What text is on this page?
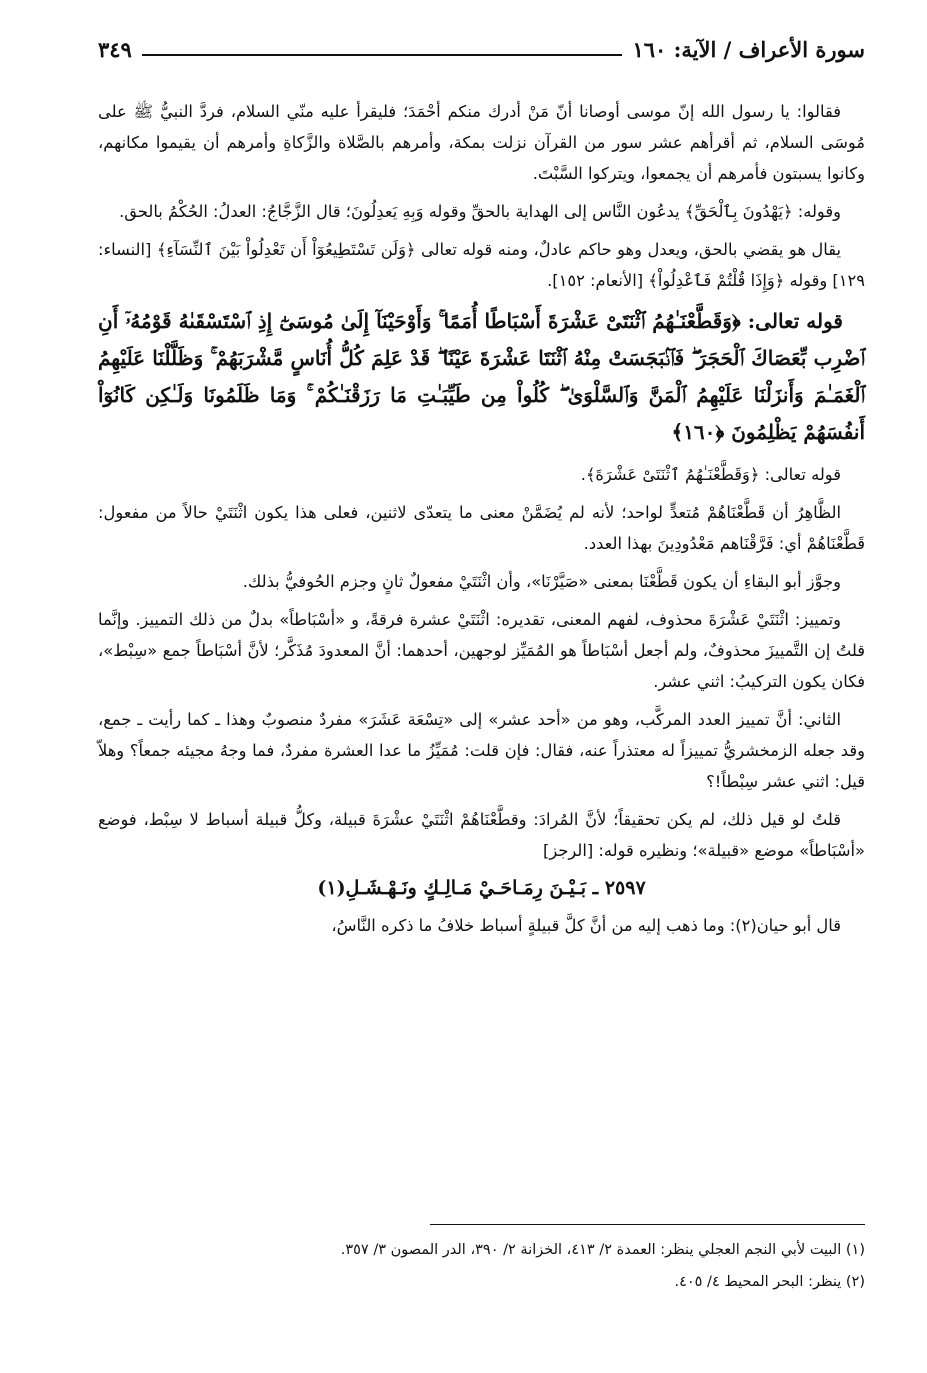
سورة الأعراف / الآية: ١٦٠
٣٤٩

فقالوا: يا رسول الله إنّ موسى أوصانا أنّ مَنْ أدرك منكم أحْمَدَ؛ فليقرأ عليه منّي السلام، فردَّ النبيُّ ﷺ على مُوسَى السلام، ثم أقرأهم عشر سور من القرآن نزلت بمكة، وأمرهم بالصَّلاة والزَّكاةِ وأمرهم أن يقيموا مكانهم، وكانوا يسبتون فأمرهم أن يجمعوا، ويتركوا السَّبْتَ.

وقوله: ﴿يَهْدُونَ بِٱلْحَقِّ﴾ يدعُون النَّاس إلى الهداية بالحقِّ وقوله وَبِهِ يَعدِلُونَ؛ قال الزَّجَّاجُ: العدلُ: الحُكْمُ بالحق.

يقال هو يقضي بالحق، ويعدل وهو حاكم عادلٌ، ومنه قوله تعالى ﴿وَلَن تَسْتَطِيعُوٓاْ أَن تَعْدِلُواْ بَيْنَ ٱلنِّسَآءِ﴾ [النساء: ١٢٩] وقوله ﴿وَإِذَا قُلْتُمْ فَٱعْدِلُواْ﴾ [الأنعام: ١٥٢].

قوله تعالى: ﴿وَقَطَّعْنَـٰهُمُ ٱثْنَتَىْ عَشْرَةَ أَسْبَاطًا أُمَمًا ۚ وَأَوْحَيْنَآ إِلَىٰ مُوسَىٰٓ إِذِ ٱسْتَسْقَىٰهُ قَوْمُهُۥٓ أَنِ ٱضْرِب بِّعَصَاكَ ٱلْحَجَرَ ۖ فَٱنۢبَجَسَتْ مِنْهُ ٱثْنَتَا عَشْرَةَ عَيْنًا ۖ قَدْ عَلِمَ كُلُّ أُنَاسٍ مَّشْرَبَهُمْ ۚ وَظَلَّلْنَا عَلَيْهِمُ ٱلْغَمَـٰمَ وَأَنزَلْنَا عَلَيْهِمُ ٱلْمَنَّ وَٱلسَّلْوَىٰ ۖ كُلُواْ مِن طَيِّبَـٰتِ مَا رَزَقْنَـٰكُمْ ۚ وَمَا ظَلَمُونَا وَلَـٰكِن كَانُوٓاْ أَنفُسَهُمْ يَظْلِمُونَ ﴿١٦٠﴾

قوله تعالى: ﴿وَقَطَّعْنَـٰهُمُ ٱثْنَتَىْ عَشْرَةَ﴾.

الظَّاهِرُ أن قَطَّعْنَاهُمْ مُتعدٍّ لواحد؛ لأنه لم يُضَمَّنْ معنى ما يتعدّى لاثنين، فعلى هذا يكون اثْنَتَيْ حالاً من مفعول: قَطَّعْنَاهُمْ أي: فَرَّقْنَاهم مَعْدُودِينَ بهذا العدد.

وجوَّز أبو البقاءِ أن يكون قَطَّعْنَا بمعنى «صَيَّرْنَا»، وأن اثْنَتَيْ مفعولٌ ثانٍ وجزم الحُوفيُّ بذلك.

وتمييز: اثْنَتَيْ عَشْرَةَ محذوف، لفهم المعنى، تقديره: اثْنَتَيْ عشرة فرقةً، و «أسْبَاطاً» بدلٌ من ذلك التمييز. وإنَّما قلتُ إن التَّمييزَ محذوفٌ، ولم أجعل أسْبَاطاً هو المُمَيِّز لوجهين، أحدهما: أنَّ المعدودَ مُذَكَّر؛ لأنَّ أسْبَاطاً جمع «سِبْط»، فكان يكون التركيبُ: اثني عشر.

الثاني: أنَّ تمييز العدد المركَّب، وهو من «أحد عشر» إلى «تِسْعَة عَشَرَ» مفردٌ منصوبٌ وهذا ـ كما رأيت ـ جمع، وقد جعله الزمخشريُّ تمييزاً له معتذراً عنه، فقال: فإن قلت: مُمَيِّزُ ما عدا العشرة مفردٌ، فما وجهُ مجيئه جمعاً؟ وهلاّ قيل: اثني عشر سِبْطاً!؟

قلتُ لو قيل ذلك، لم يكن تحقيقاً؛ لأنَّ المُرادَ: وقطَّعْنَاهُمْ اثْنَتَيْ عشْرَةَ قبيلة، وكلُّ قبيلة أسباط لا سِبْط، فوضع «أسْبَاطاً» موضع «قبيلة»؛ ونظيره قوله: [الرجز]

٢٥٩٧ ـ بَـيْـنَ رِمَـاحَـيْ مَـالِـكٍ ونَـهْـشَـلِ(١)

قال أبو حيان(٢): وما ذهب إليه من أنَّ كلَّ قبيلةٍ أسباط خلافُ ما ذكره النَّاسُ،

(١) البيت لأبي النجم العجلي ينظر: العمدة ٢/ ٤١٣، الخزانة ٢/ ٣٩٠، الدر المصون ٣/ ٣٥٧.

(٢) ينظر: البحر المحيط ٤/ ٤٠٥.
